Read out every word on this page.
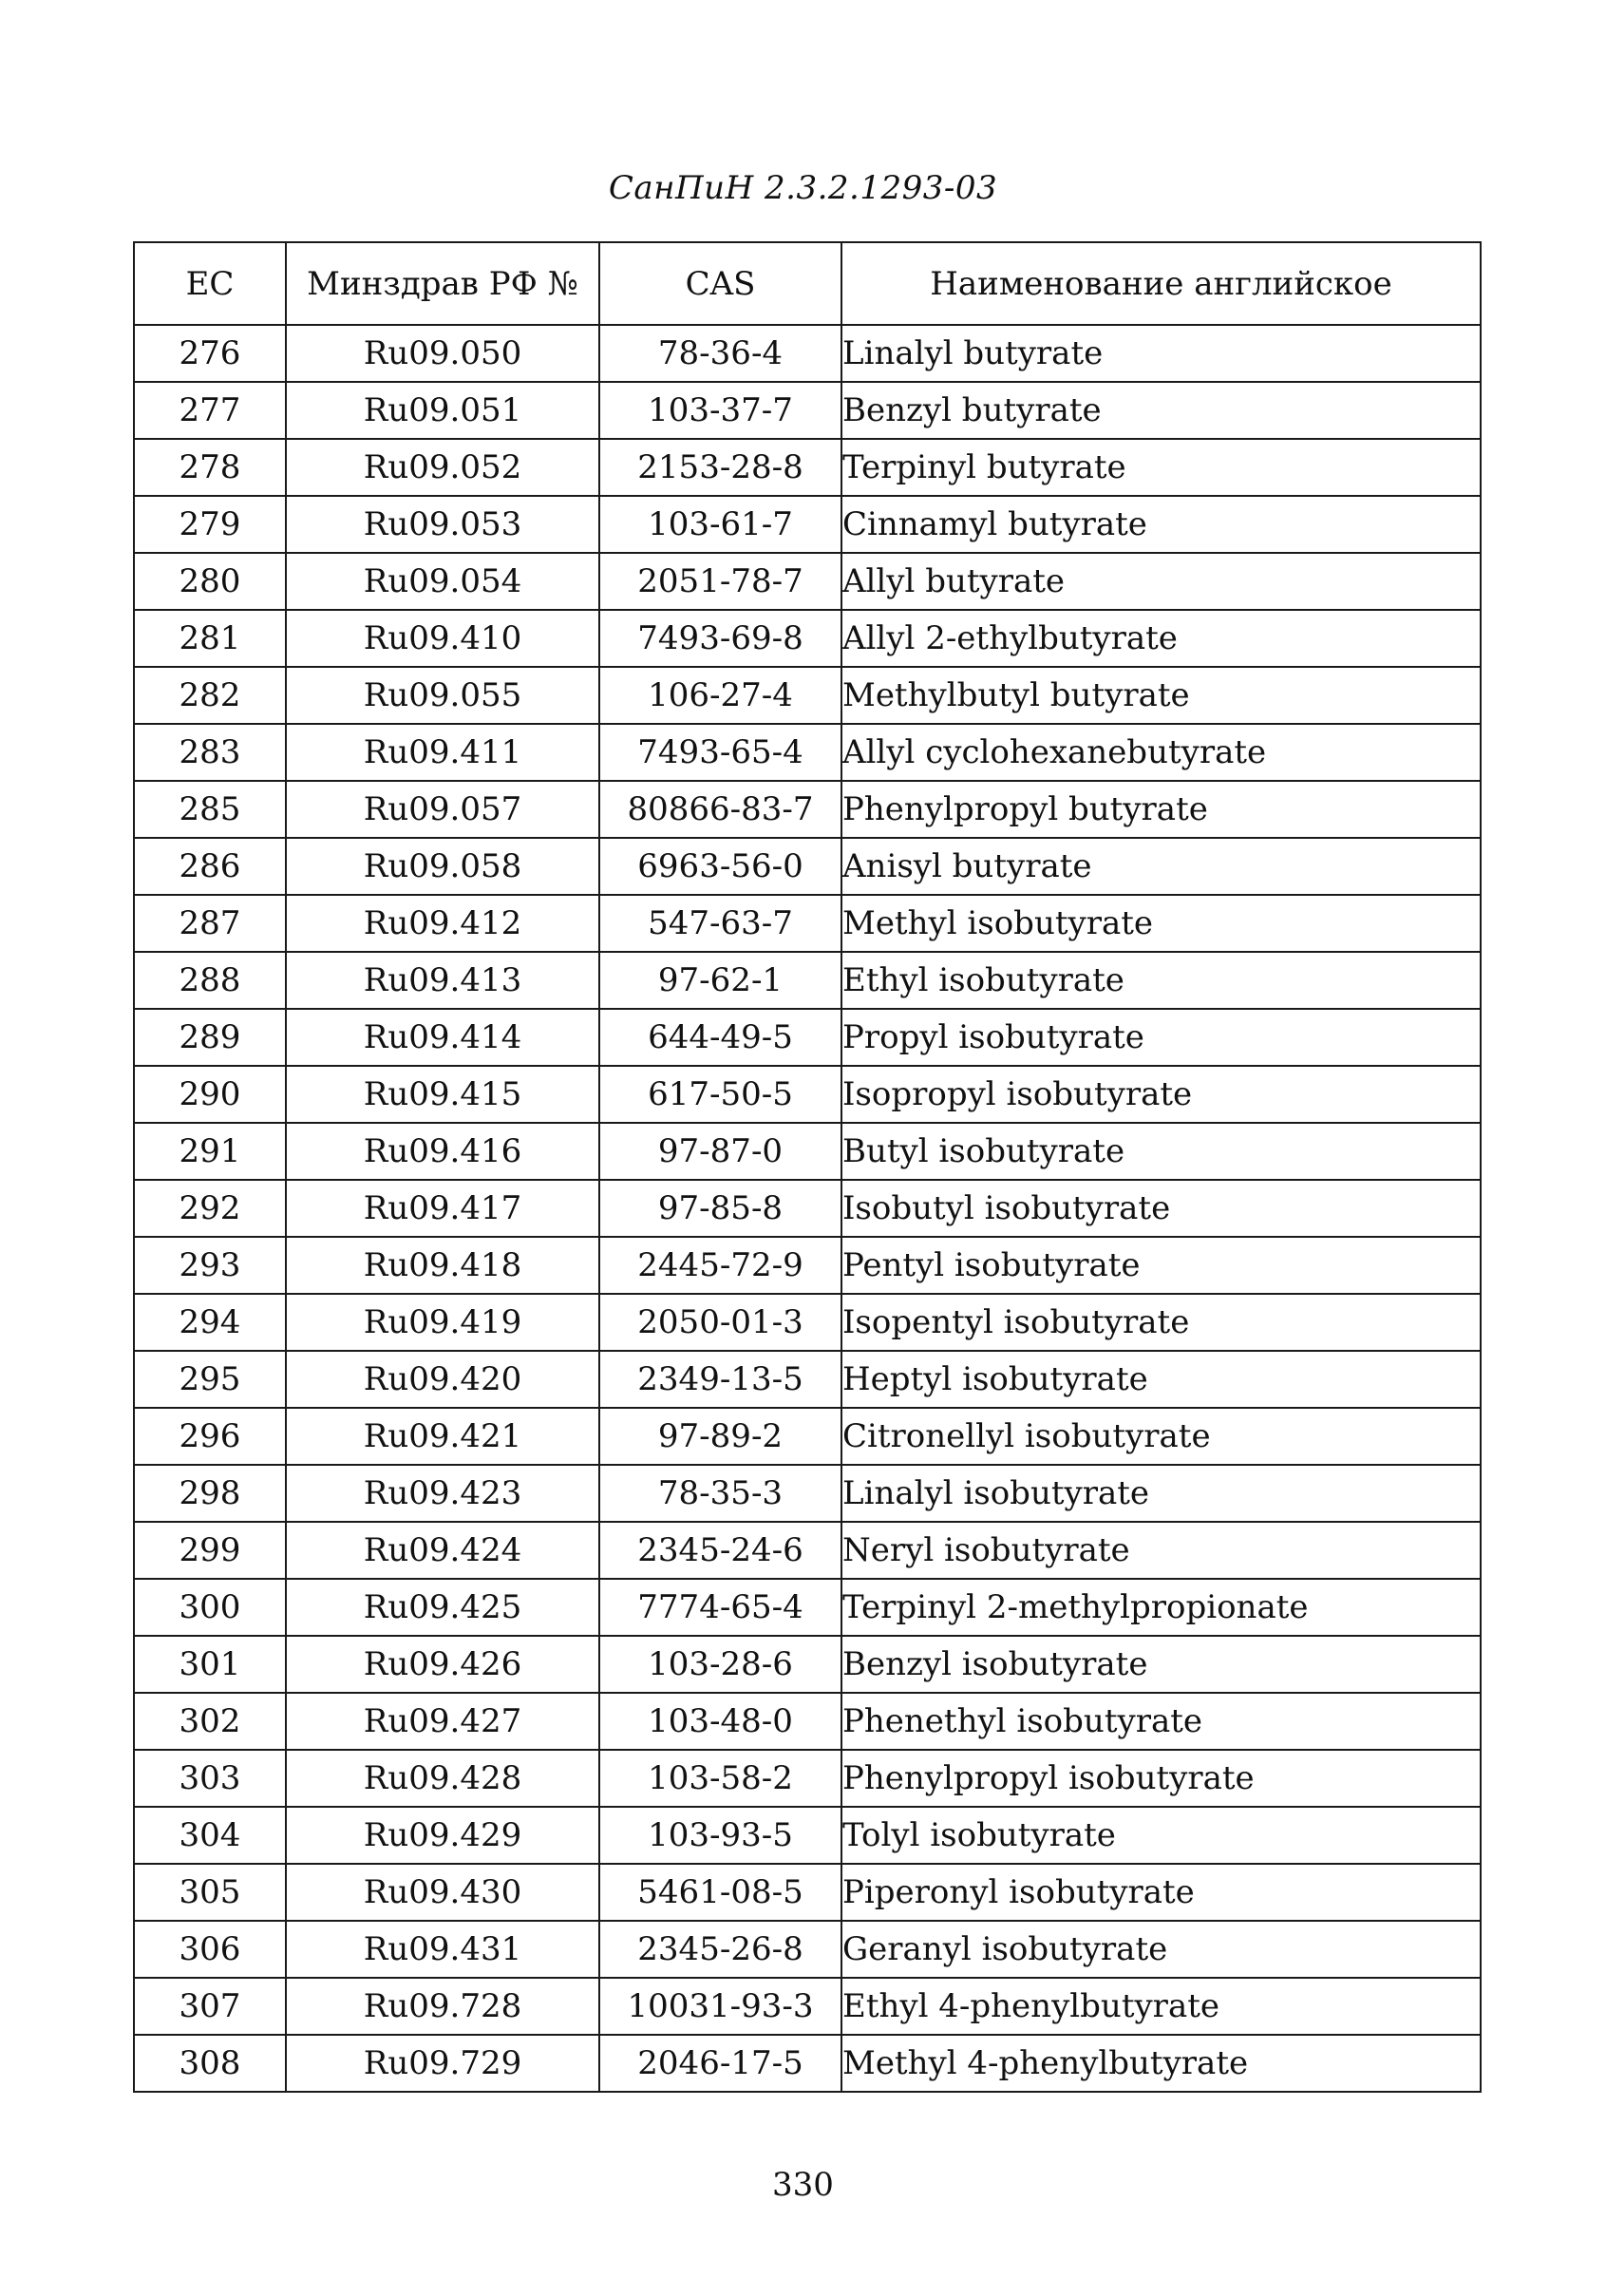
СанПиН 2.3.2.1293-03
ЕС	Минздрав РФ №	CAS	Наименование английское
276	Ru09.050	78-36-4	Linalyl butyrate
277	Ru09.051	103-37-7	Benzyl butyrate
278	Ru09.052	2153-28-8	Terpinyl butyrate
279	Ru09.053	103-61-7	Cinnamyl butyrate
280	Ru09.054	2051-78-7	Allyl butyrate
281	Ru09.410	7493-69-8	Allyl 2-ethylbutyrate
282	Ru09.055	106-27-4	Methylbutyl butyrate
283	Ru09.411	7493-65-4	Allyl cyclohexanebutyrate
285	Ru09.057	80866-83-7	Phenylpropyl butyrate
286	Ru09.058	6963-56-0	Anisyl butyrate
287	Ru09.412	547-63-7	Methyl isobutyrate
288	Ru09.413	97-62-1	Ethyl isobutyrate
289	Ru09.414	644-49-5	Propyl isobutyrate
290	Ru09.415	617-50-5	Isopropyl isobutyrate
291	Ru09.416	97-87-0	Butyl isobutyrate
292	Ru09.417	97-85-8	Isobutyl isobutyrate
293	Ru09.418	2445-72-9	Pentyl isobutyrate
294	Ru09.419	2050-01-3	Isopentyl isobutyrate
295	Ru09.420	2349-13-5	Heptyl isobutyrate
296	Ru09.421	97-89-2	Citronellyl isobutyrate
298	Ru09.423	78-35-3	Linalyl isobutyrate
299	Ru09.424	2345-24-6	Neryl isobutyrate
300	Ru09.425	7774-65-4	Terpinyl 2-methylpropionate
301	Ru09.426	103-28-6	Benzyl isobutyrate
302	Ru09.427	103-48-0	Phenethyl isobutyrate
303	Ru09.428	103-58-2	Phenylpropyl isobutyrate
304	Ru09.429	103-93-5	Tolyl isobutyrate
305	Ru09.430	5461-08-5	Piperonyl isobutyrate
306	Ru09.431	2345-26-8	Geranyl isobutyrate
307	Ru09.728	10031-93-3	Ethyl 4-phenylbutyrate
308	Ru09.729	2046-17-5	Methyl 4-phenylbutyrate
330
